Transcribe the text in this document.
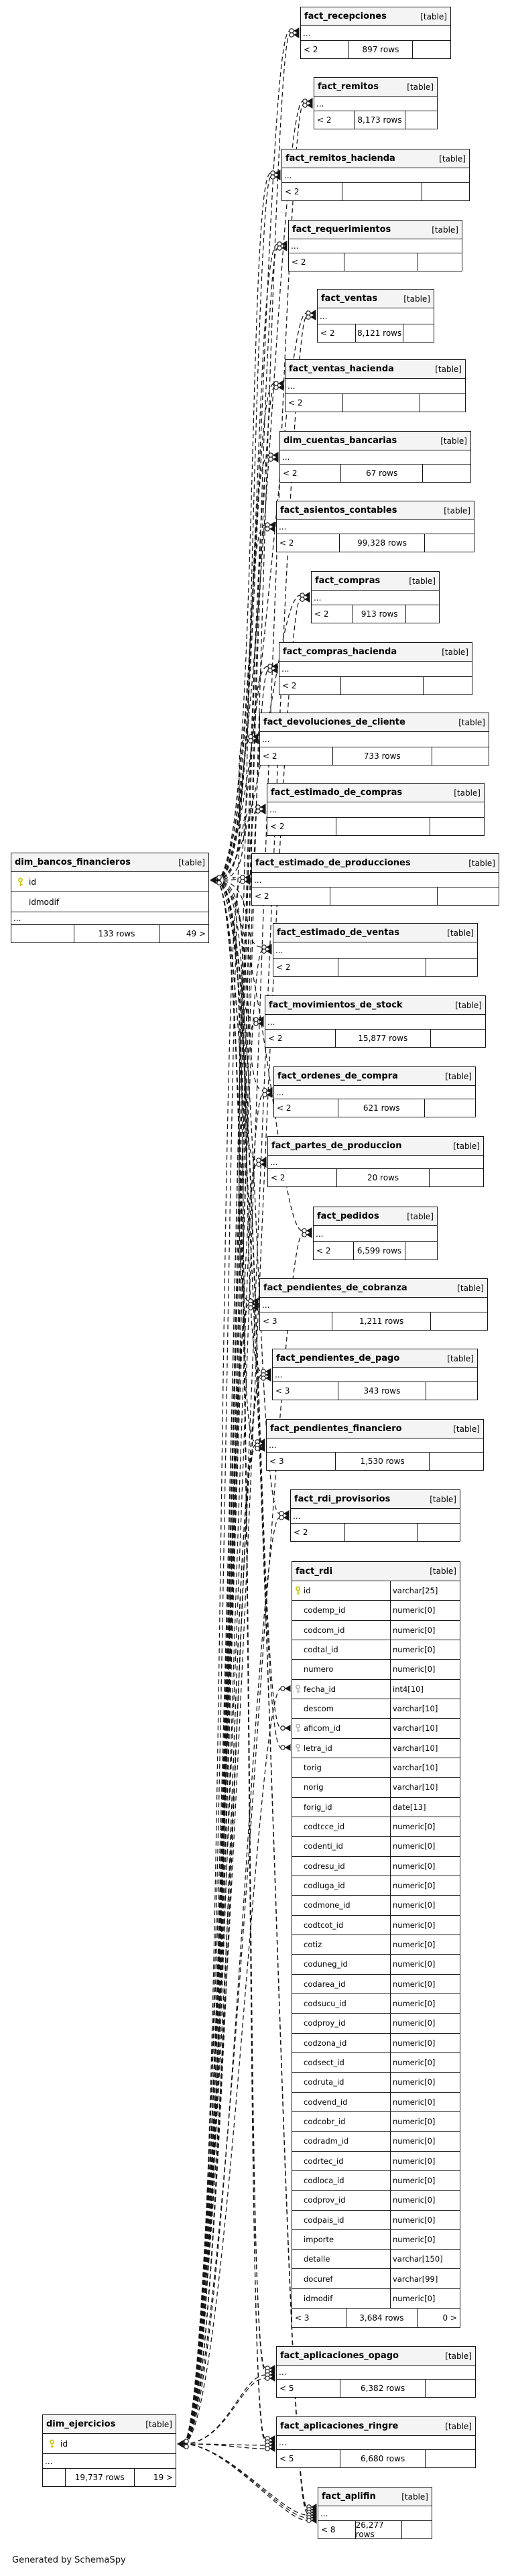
fact_recepciones	[table]
...
< 2	897 rows
fact_remitos	[table]
...
< 2	8,173 rows
fact_remitos_hacienda	[table]
...
< 2
fact_requerimientos	[table]
...
< 2
fact_ventas	[table]
...
< 2	8,121 rows
fact_ventas_hacienda	[table]
...
< 2
dim_cuentas_bancarias	[table]
...
< 2	67 rows
fact_asientos_contables	[table]
...
< 2	99,328 rows
fact_compras	[table]
...
< 2	913 rows
fact_compras_hacienda	[table]
...
< 2
fact_devoluciones_de_cliente	[table]
...
< 2	733 rows
fact_estimado_de_compras	[table]
...
< 2
fact_estimado_de_producciones	[table]
...
< 2
fact_estimado_de_ventas	[table]
...
< 2
fact_movimientos_de_stock	[table]
...
< 2	15,877 rows
fact_ordenes_de_compra	[table]
...
< 2	621 rows
fact_partes_de_produccion	[table]
...
< 2	20 rows
fact_pedidos	[table]
...
< 2	6,599 rows
fact_pendientes_de_cobranza	[table]
...
< 3	1,211 rows
fact_pendientes_de_pago	[table]
...
< 3	343 rows
fact_pendientes_financiero	[table]
...
< 3	1,530 rows
fact_rdi_provisorios	[table]
...
< 2
fact_rdi	[table]
id	varchar[25]
codemp_id	numeric[0]
codcom_id	numeric[0]
codtal_id	numeric[0]
numero	numeric[0]
fecha_id	int4[10]
descom	varchar[10]
aficom_id	varchar[10]
letra_id	varchar[10]
torig	varchar[10]
norig	varchar[10]
forig_id	date[13]
codtcce_id	numeric[0]
codenti_id	numeric[0]
codresu_id	numeric[0]
codluga_id	numeric[0]
codmone_id	numeric[0]
codtcot_id	numeric[0]
cotiz	numeric[0]
coduneg_id	numeric[0]
codarea_id	numeric[0]
codsucu_id	numeric[0]
codproy_id	numeric[0]
codzona_id	numeric[0]
codsect_id	numeric[0]
codruta_id	numeric[0]
codvend_id	numeric[0]
codcobr_id	numeric[0]
codradm_id	numeric[0]
codrtec_id	numeric[0]
codloca_id	numeric[0]
codprov_id	numeric[0]
codpais_id	numeric[0]
importe	numeric[0]
detalle	varchar[150]
docuref	varchar[99]
idmodif	numeric[0]
< 3	3,684 rows	0 >
fact_aplicaciones_opago	[table]
...
< 5	6,382 rows
fact_aplicaciones_ringre	[table]
...
< 5	6,680 rows
fact_aplifin	[table]
...
< 8	26,277 rows
dim_bancos_financieros	[table]
id
idmodif
...
133 rows	49 >
dim_ejercicios	[table]
id
...
19,737 rows	19 >
Generated by SchemaSpy
